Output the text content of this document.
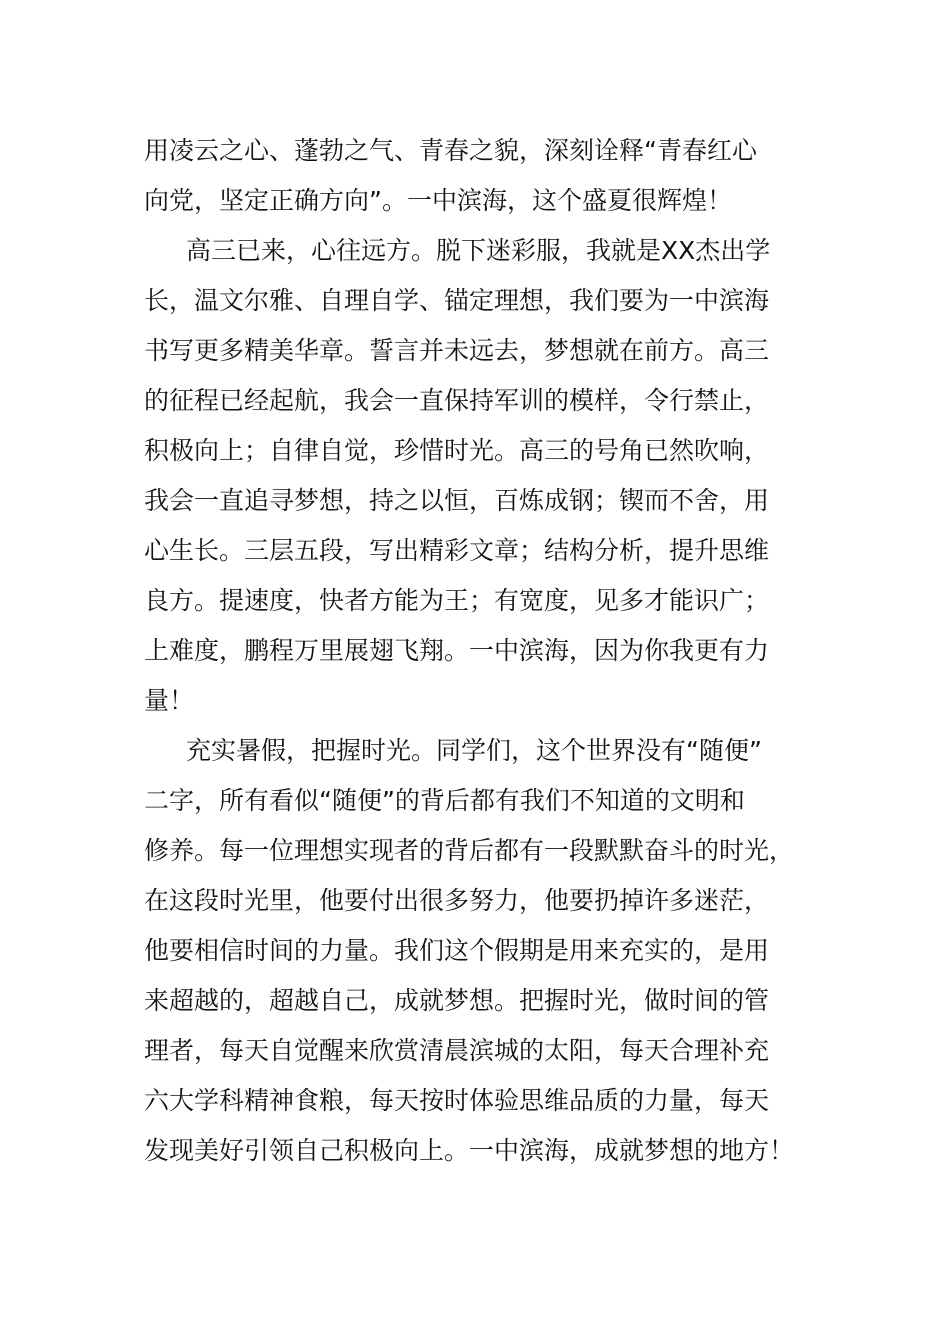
用凌云之心、蓬勃之气、青春之貌，深刻诠释“青春红心
向党，坚定正确方向”。一中滨海，这个盛夏很辉煌！
高三已来，心往远方。脱下迷彩服，我就是XX杰出学
长，温文尔雅、自理自学、锚定理想，我们要为一中滨海
书写更多精美华章。誓言并未远去，梦想就在前方。高三
的征程已经起航，我会一直保持军训的模样，令行禁止，
积极向上；自律自觉，珍惜时光。高三的号角已然吹响，
我会一直追寻梦想，持之以恒，百炼成钢；锲而不舍，用
心生长。三层五段，写出精彩文章；结构分析，提升思维
良方。提速度，快者方能为王；有宽度，见多才能识广；
上难度，鹏程万里展翅飞翔。一中滨海，因为你我更有力
量！
充实暑假，把握时光。同学们，这个世界没有“随便”
二字，所有看似“随便”的背后都有我们不知道的文明和
修养。每一位理想实现者的背后都有一段默默奋斗的时光，
在这段时光里，他要付出很多努力，他要扔掉许多迷茫，
他要相信时间的力量。我们这个假期是用来充实的，是用
来超越的，超越自己，成就梦想。把握时光，做时间的管
理者，每天自觉醒来欣赏清晨滨城的太阳，每天合理补充
六大学科精神食粮，每天按时体验思维品质的力量，每天
发现美好引领自己积极向上。一中滨海，成就梦想的地方！
